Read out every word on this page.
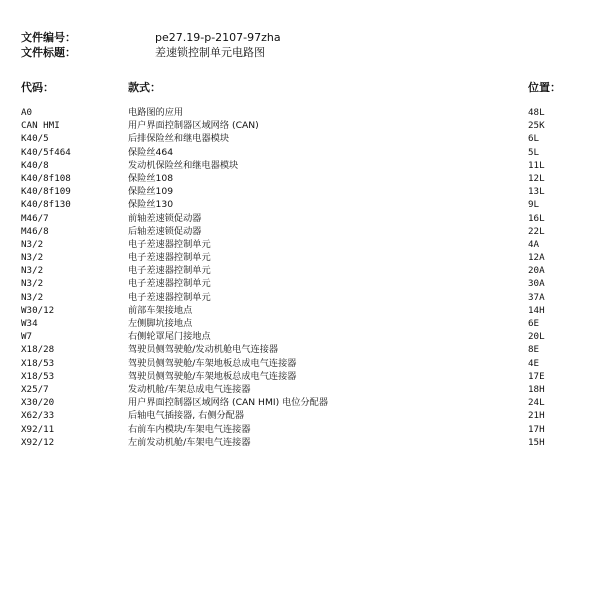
文件编号：	pe27.19-p-2107-97zha
文件标题：	差速锁控制单元电路图
代码：	款式：	位置：
A0	电路图的应用	48L
CAN HMI	用户界面控制器区域网络 (CAN)	25K
K40/5	后排保险丝和继电器模块	6L
K40/5f464	保险丝464	5L
K40/8	发动机保险丝和继电器模块	11L
K40/8f108	保险丝108	12L
K40/8f109	保险丝109	13L
K40/8f130	保险丝130	9L
M46/7	前轴差速锁促动器	16L
M46/8	后轴差速锁促动器	22L
N3/2	电子差速器控制单元	4A
N3/2	电子差速器控制单元	12A
N3/2	电子差速器控制单元	20A
N3/2	电子差速器控制单元	30A
N3/2	电子差速器控制单元	37A
W30/12	前部车架接地点	14H
W34	左侧脚坑接地点	6E
W7	右侧轮罩尾门接地点	20L
X18/28	驾驶员侧驾驶舱/发动机舱电气连接器	8E
X18/53	驾驶员侧驾驶舱/车架地板总成电气连接器	4E
X18/53	驾驶员侧驾驶舱/车架地板总成电气连接器	17E
X25/7	发动机舱/车架总成电气连接器	18H
X30/20	用户界面控制器区域网络 (CAN HMI) 电位分配器	24L
X62/33	后轴电气插接器, 右侧分配器	21H
X92/11	右前车内模块/车架电气连接器	17H
X92/12	左前发动机舱/车架电气连接器	15H
